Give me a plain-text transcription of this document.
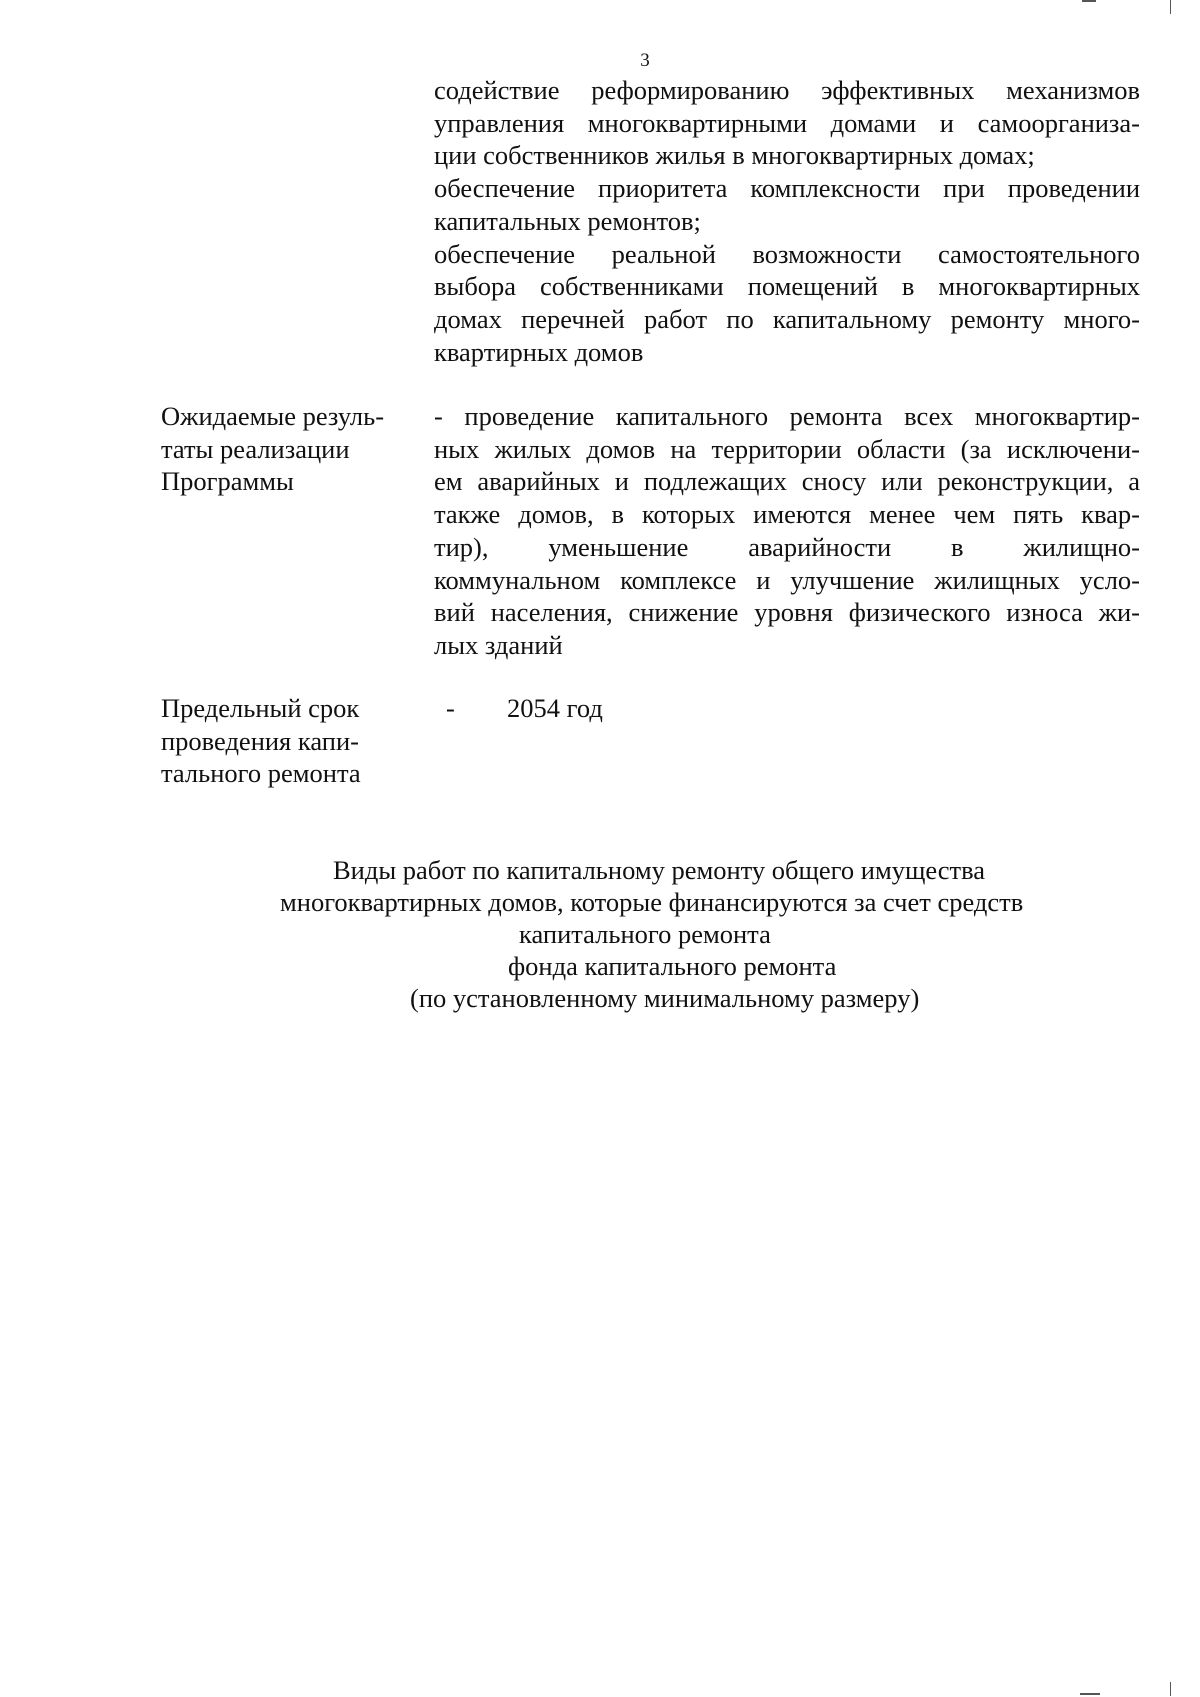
3
содействие реформированию эффективных механизмов
управления многоквартирными домами и самоорганиза-
ции собственников жилья в многоквартирных домах;
обеспечение приоритета комплексности при проведении
капитальных ремонтов;
обеспечение реальной возможности самостоятельного
выбора собственниками помещений в многоквартирных
домах перечней работ по капитальному ремонту много-
квартирных домов
Ожидаемые резуль-
таты реализации
Программы
- проведение капитального ремонта всех многоквартир-
ных жилых домов на территории области (за исключени-
ем аварийных и подлежащих сносу или реконструкции, а
также домов, в которых имеются менее чем пять квар-
тир), уменьшение аварийности в жилищно-
коммунальном комплексе и улучшение жилищных усло-
вий населения, снижение уровня физического износа жи-
лых зданий
Предельный срок
проведения капи-
тального ремонта
- 2054 год
Виды работ по капитальному ремонту общего имущества
многоквартирных домов, которые финансируются за счет средств
капитального ремонта
фонда капитального ремонта
(по установленному минимальному размеру)
